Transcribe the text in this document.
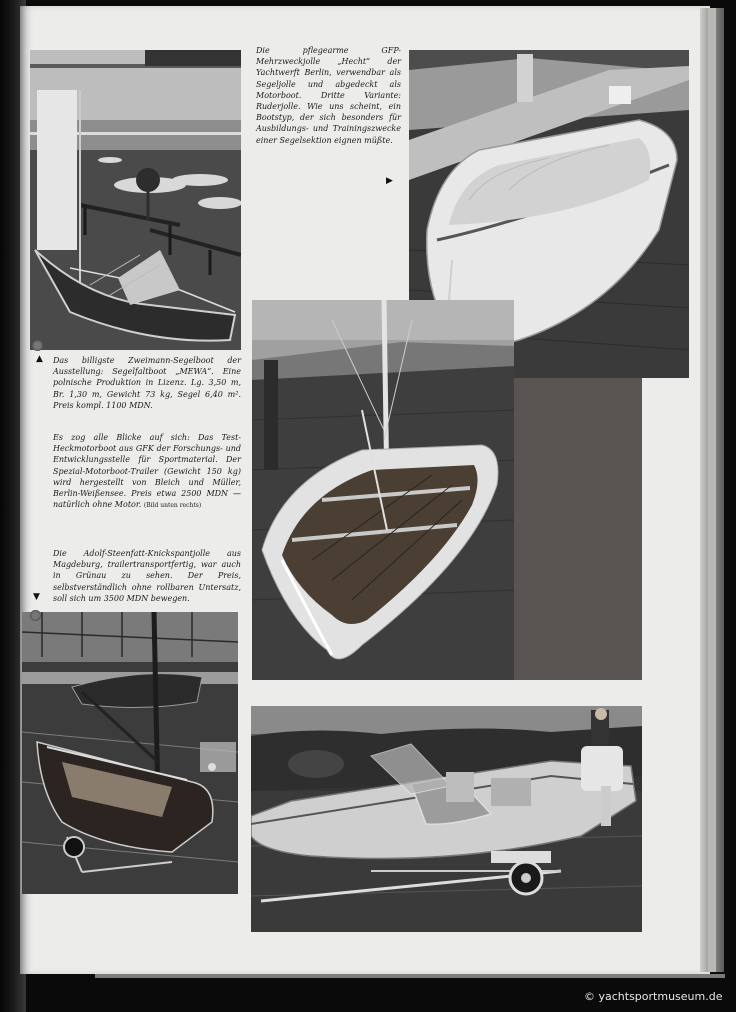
Die pflegearme GFP-Mehrzweckjolle „Hecht“ der Yachtwerft Berlin, verwendbar als Segeljolle und abgedeckt als Motorboot. Dritte Variante: Ruderjolle. Wie uns scheint, ein Bootstyp, der sich besonders für Ausbildungs- und Trainingszwecke einer Segelsektion eignen müßte.
▶
▲ Das billigste Zweimann-Segelboot der Ausstellung: Segelfaltboot „MEWA“. Eine polnische Produktion in Lizenz. Lg. 3,50 m, Br. 1,30 m, Gewicht 73 kg, Segel 6,40 m². Preis kompl. 1100 MDN.
Es zog alle Blicke auf sich: Das Test-Heckmotorboot aus GFK der Forschungs- und Entwicklungsstelle für Sportmaterial. Der Spezial-Motorboot-Trailer (Gewicht 150 kg) wird hergestellt von Bleich und Müller, Berlin-Weißensee. Preis etwa 2500 MDN — natürlich ohne Motor. (Bild unten rechts)
Die Adolf-Steenfatt-Knickspantjolle aus Magdeburg, trailertransportfertig, war auch in Grünau zu sehen. Der Preis, selbstverständlich ohne rollbaren Untersatz, soll sich um 3500 MDN bewegen.
▼
© yachtsportmuseum.de
